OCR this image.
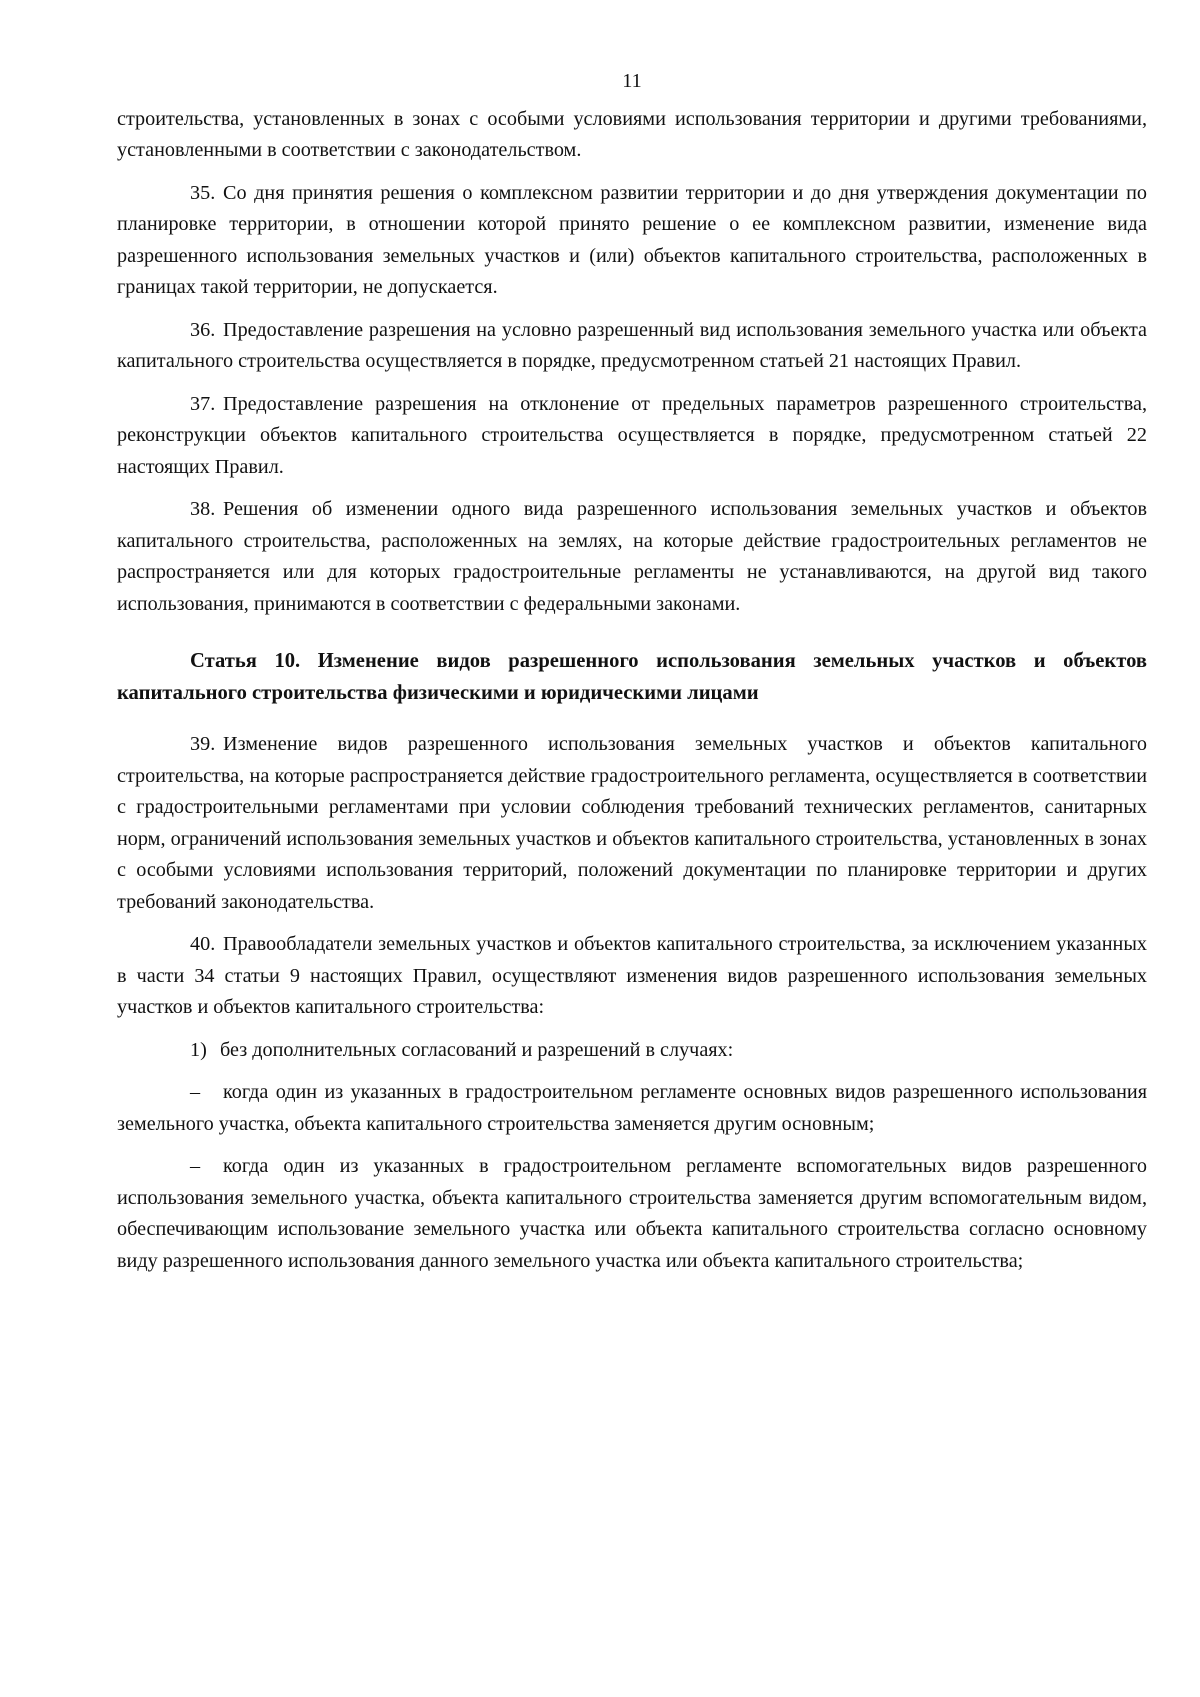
11

строительства, установленных в зонах с особыми условиями использования территории и другими требованиями, установленными в соответствии с законодательством.

35. Со дня принятия решения о комплексном развитии территории и до дня утверждения документации по планировке территории, в отношении которой принято решение о ее комплексном развитии, изменение вида разрешенного использования земельных участков и (или) объектов капитального строительства, расположенных в границах такой территории, не допускается.

36. Предоставление разрешения на условно разрешенный вид использования земельного участка или объекта капитального строительства осуществляется в порядке, предусмотренном статьей 21 настоящих Правил.

37. Предоставление разрешения на отклонение от предельных параметров разрешенного строительства, реконструкции объектов капитального строительства осуществляется в порядке, предусмотренном статьей 22 настоящих Правил.

38. Решения об изменении одного вида разрешенного использования земельных участков и объектов капитального строительства, расположенных на землях, на которые действие градостроительных регламентов не распространяется или для которых градостроительные регламенты не устанавливаются, на другой вид такого использования, принимаются в соответствии с федеральными законами.

Статья 10. Изменение видов разрешенного использования земельных участков и объектов капитального строительства физическими и юридическими лицами

39. Изменение видов разрешенного использования земельных участков и объектов капитального строительства, на которые распространяется действие градостроительного регламента, осуществляется в соответствии с градостроительными регламентами при условии соблюдения требований технических регламентов, санитарных норм, ограничений использования земельных участков и объектов капитального строительства, установленных в зонах с особыми условиями использования территорий, положений документации по планировке территории и других требований законодательства.

40. Правообладатели земельных участков и объектов капитального строительства, за исключением указанных в части 34 статьи 9 настоящих Правил, осуществляют изменения видов разрешенного использования земельных участков и объектов капитального строительства:

1) без дополнительных согласований и разрешений в случаях:

– когда один из указанных в градостроительном регламенте основных видов разрешенного использования земельного участка, объекта капитального строительства заменяется другим основным;

– когда один из указанных в градостроительном регламенте вспомогательных видов разрешенного использования земельного участка, объекта капитального строительства заменяется другим вспомогательным видом, обеспечивающим использование земельного участка или объекта капитального строительства согласно основному виду разрешенного использования данного земельного участка или объекта капитального строительства;
